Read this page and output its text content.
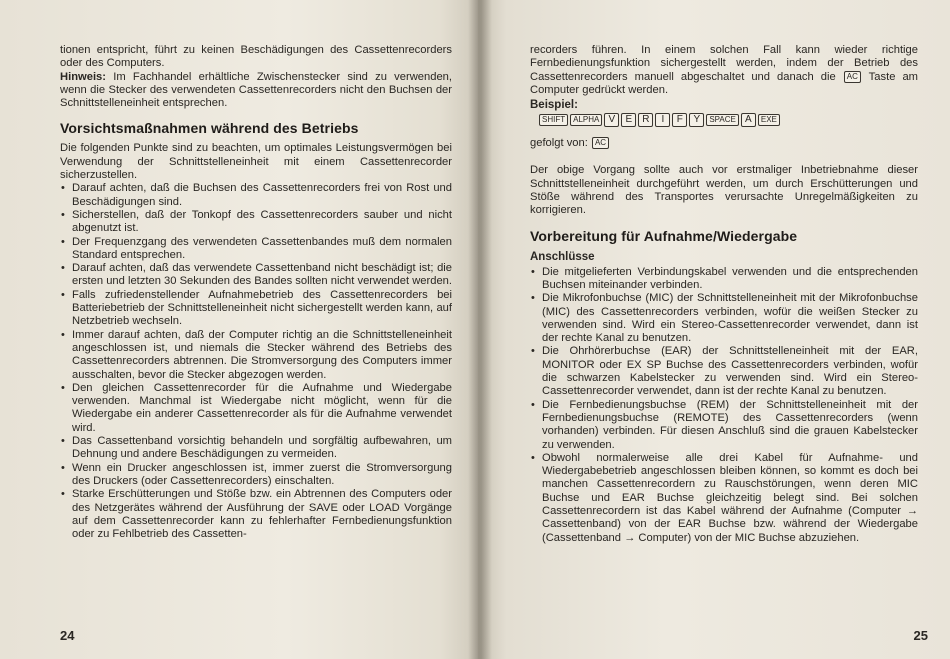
tionen entspricht, führt zu keinen Beschädigungen des Cassettenrecorders oder des Computers.

Hinweis: Im Fachhandel erhältliche Zwischenstecker sind zu verwenden, wenn die Stecker des verwendeten Cassettenrecorders nicht den Buchsen der Schnittstelleneinheit entsprechen.

Vorsichtsmaßnahmen während des Betriebs

Die folgenden Punkte sind zu beachten, um optimales Leistungsvermögen bei Verwendung der Schnittstelleneinheit mit einem Cassettenrecorder sicherzustellen.

• Darauf achten, daß die Buchsen des Cassettenrecorders frei von Rost und Beschädigungen sind.
• Sicherstellen, daß der Tonkopf des Cassettenrecorders sauber und nicht abgenutzt ist.
• Der Frequenzgang des verwendeten Cassettenbandes muß dem normalen Standard entsprechen.
• Darauf achten, daß das verwendete Cassettenband nicht beschädigt ist; die ersten und letzten 30 Sekunden des Bandes sollten nicht verwendet werden.
• Falls zufriedenstellender Aufnahmebetrieb des Cassettenrecorders bei Batteriebetrieb der Schnittstelleneinheit nicht sichergestellt werden kann, auf Netzbetrieb wechseln.
• Immer darauf achten, daß der Computer richtig an die Schnittstelleneinheit angeschlossen ist, und niemals die Stecker während des Betriebs des Cassettenrecorders abtrennen. Die Stromversorgung des Computers immer ausschalten, bevor die Stecker abgezogen werden.
• Den gleichen Cassettenrecorder für die Aufnahme und Wiedergabe verwenden. Manchmal ist Wiedergabe nicht möglicht, wenn für die Wiedergabe ein anderer Cassettenrecorder als für die Aufnahme verwendet wird.
• Das Cassettenband vorsichtig behandeln und sorgfältig aufbewahren, um Dehnung und andere Beschädigungen zu vermeiden.
• Wenn ein Drucker angeschlossen ist, immer zuerst die Stromversorgung des Druckers (oder Cassettenrecorders) einschalten.
• Starke Erschütterungen und Stöße bzw. ein Abtrennen des Computers oder des Netzgerätes während der Ausführung der SAVE oder LOAD Vorgänge auf dem Cassettenrecorder kann zu fehlerhafter Fernbedienungsfunktion oder zu Fehlbetrieb des Cassetten-
24

recorders führen. In einem solchen Fall kann wieder richtige Fernbedienungsfunktion sichergestellt werden, indem der Betrieb des Cassettenrecorders manuell abgeschaltet und danach die AC Taste am Computer gedrückt werden.

Beispiel:
SHIFT	ALPHA V	E	R	I	F	Y	SPACE A	EXE

gefolgt von: AC

Der obige Vorgang sollte auch vor erstmaliger Inbetriebnahme dieser Schnittstelleneinheit durchgeführt werden, um durch Erschütterungen und Stöße während des Transportes verursachte Unregelmäßigkeiten zu korrigieren.

Vorbereitung für Aufnahme/Wiedergabe
Anschlüsse
• Die mitgelieferten Verbindungskabel verwenden und die entsprechenden Buchsen miteinander verbinden.
• Die Mikrofonbuchse (MIC) der Schnittstelleneinheit mit der Mikrofonbuchse (MIC) des Cassettenrecorders verbinden, wofür die weißen Stecker zu verwenden sind. Wird ein Stereo-Cassettenrecorder verwendet, dann ist der rechte Kanal zu benutzen.
• Die Ohrhörerbuchse (EAR) der Schnittstelleneinheit mit der EAR, MONITOR oder EX SP Buchse des Cassettenrecorders verbinden, wofür die schwarzen Kabelstecker zu verwenden sind. Wird ein Stereo-Cassettenrecorder verwendet, dann ist der rechte Kanal zu benutzen.
• Die Fernbedienungsbuchse (REM) der Schnittstelleneinheit mit der Fernbedienungsbuchse (REMOTE) des Cassettenrecorders (wenn vorhanden) verbinden. Für diesen Anschluß sind die grauen Kabelstecker zu verwenden.
• Obwohl normalerweise alle drei Kabel für Aufnahme- und Wiedergabebetrieb angeschlossen bleiben können, so kommt es doch bei manchen Cassettenrecordern zu Rauschstörungen, wenn deren MIC Buchse und EAR Buchse gleichzeitig belegt sind. Bei solchen Cassettenrecordern ist das Kabel während der Aufnahme (Computer → Cassettenband) von der EAR Buchse bzw. während der Wiedergabe (Cassettenband → Computer) von der MIC Buchse abzuziehen.
25
